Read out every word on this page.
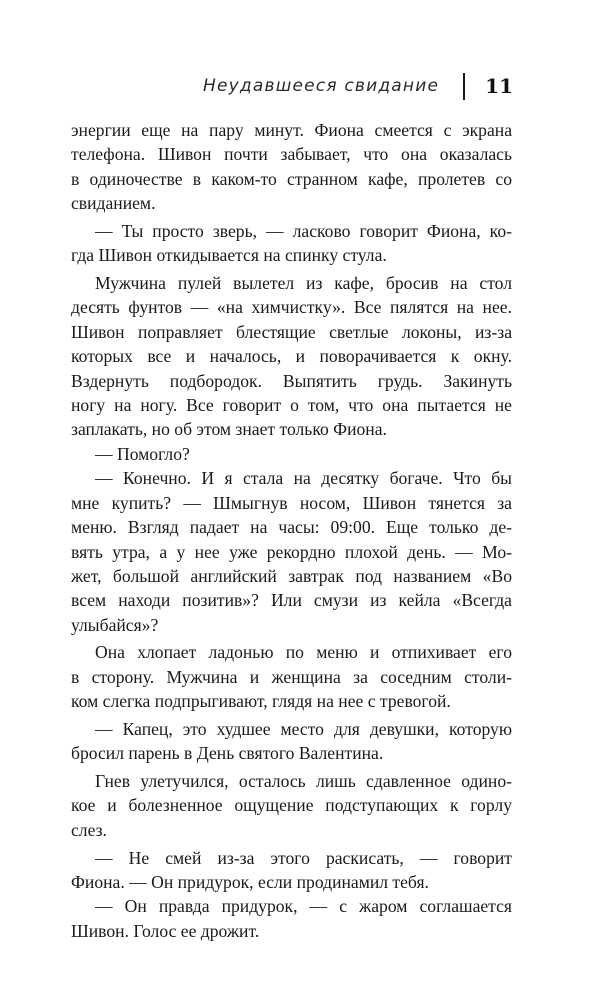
Неудавшееся свидание 11
энергии еще на пару минут. Фиона смеется с экрана
телефона. Шивон почти забывает, что она оказалась
в одиночестве в каком-то странном кафе, пролетев со
свиданием.
— Ты просто зверь, — ласково говорит Фиона, ко-
гда Шивон откидывается на спинку стула.
Мужчина пулей вылетел из кафе, бросив на стол
десять фунтов — «на химчистку». Все пялятся на нее.
Шивон поправляет блестящие светлые локоны, из-за
которых все и началось, и поворачивается к окну.
Вздернуть подбородок. Выпятить грудь. Закинуть
ногу на ногу. Все говорит о том, что она пытается не
заплакать, но об этом знает только Фиона.
— Помогло?
— Конечно. И я стала на десятку богаче. Что бы
мне купить? — Шмыгнув носом, Шивон тянется за
меню. Взгляд падает на часы: 09:00. Еще только де-
вять утра, а у нее уже рекордно плохой день. — Мо-
жет, большой английский завтрак под названием «Во
всем находи позитив»? Или смузи из кейла «Всегда
улыбайся»?
Она хлопает ладонью по меню и отпихивает его
в сторону. Мужчина и женщина за соседним столи-
ком слегка подпрыгивают, глядя на нее с тревогой.
— Капец, это худшее место для девушки, которую
бросил парень в День святого Валентина.
Гнев улетучился, осталось лишь сдавленное одино-
кое и болезненное ощущение подступающих к горлу
слез.
— Не смей из-за этого раскисать, — говорит
Фиона. — Он придурок, если продинамил тебя.
— Он правда придурок, — с жаром соглашается
Шивон. Голос ее дрожит.
